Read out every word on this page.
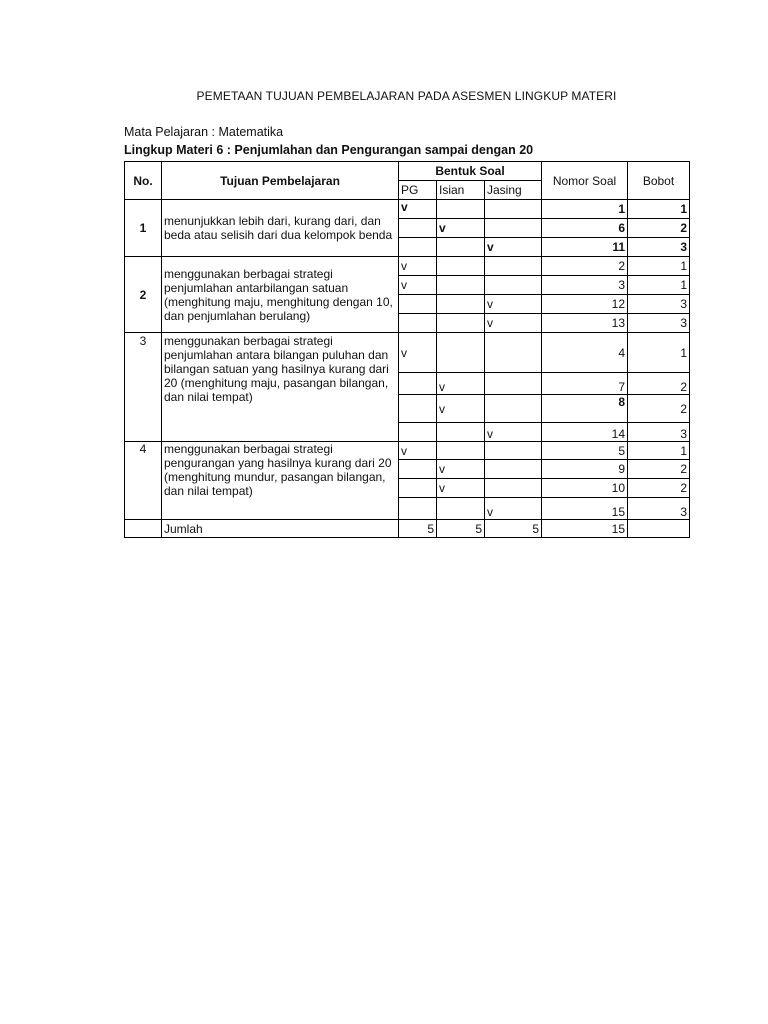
PEMETAAN TUJUAN PEMBELAJARAN PADA ASESMEN LINGKUP MATERI
Mata Pelajaran : Matematika
Lingkup Materi 6 : Penjumlahan dan Pengurangan sampai dengan 20
No.	Tujuan Pembelajaran	Bentuk Soal			Nomor Soal	Bobot
		PG	Isian	Jasing		
1	menunjukkan lebih dari, kurang dari, dan beda atau selisih dari dua kelompok benda	v			1	1
			v		6	2
				v	11	3
2	menggunakan berbagai strategi penjumlahan antarbilangan satuan (menghitung maju, menghitung dengan 10, dan penjumlahan berulang)	v			2	1
		v			3	1
				v	12	3
				v	13	3
3	menggunakan berbagai strategi penjumlahan antara bilangan puluhan dan bilangan satuan yang hasilnya kurang dari 20 (menghitung maju, pasangan bilangan, dan nilai tempat)	v			4	1
			v		7	2
			v		8	2
				v	14	3
4	menggunakan berbagai strategi pengurangan yang hasilnya kurang dari 20 (menghitung mundur, pasangan bilangan, dan nilai tempat)	v			5	1
			v		9	2
			v		10	2
				v	15	3
	Jumlah	5	5	5	15	
